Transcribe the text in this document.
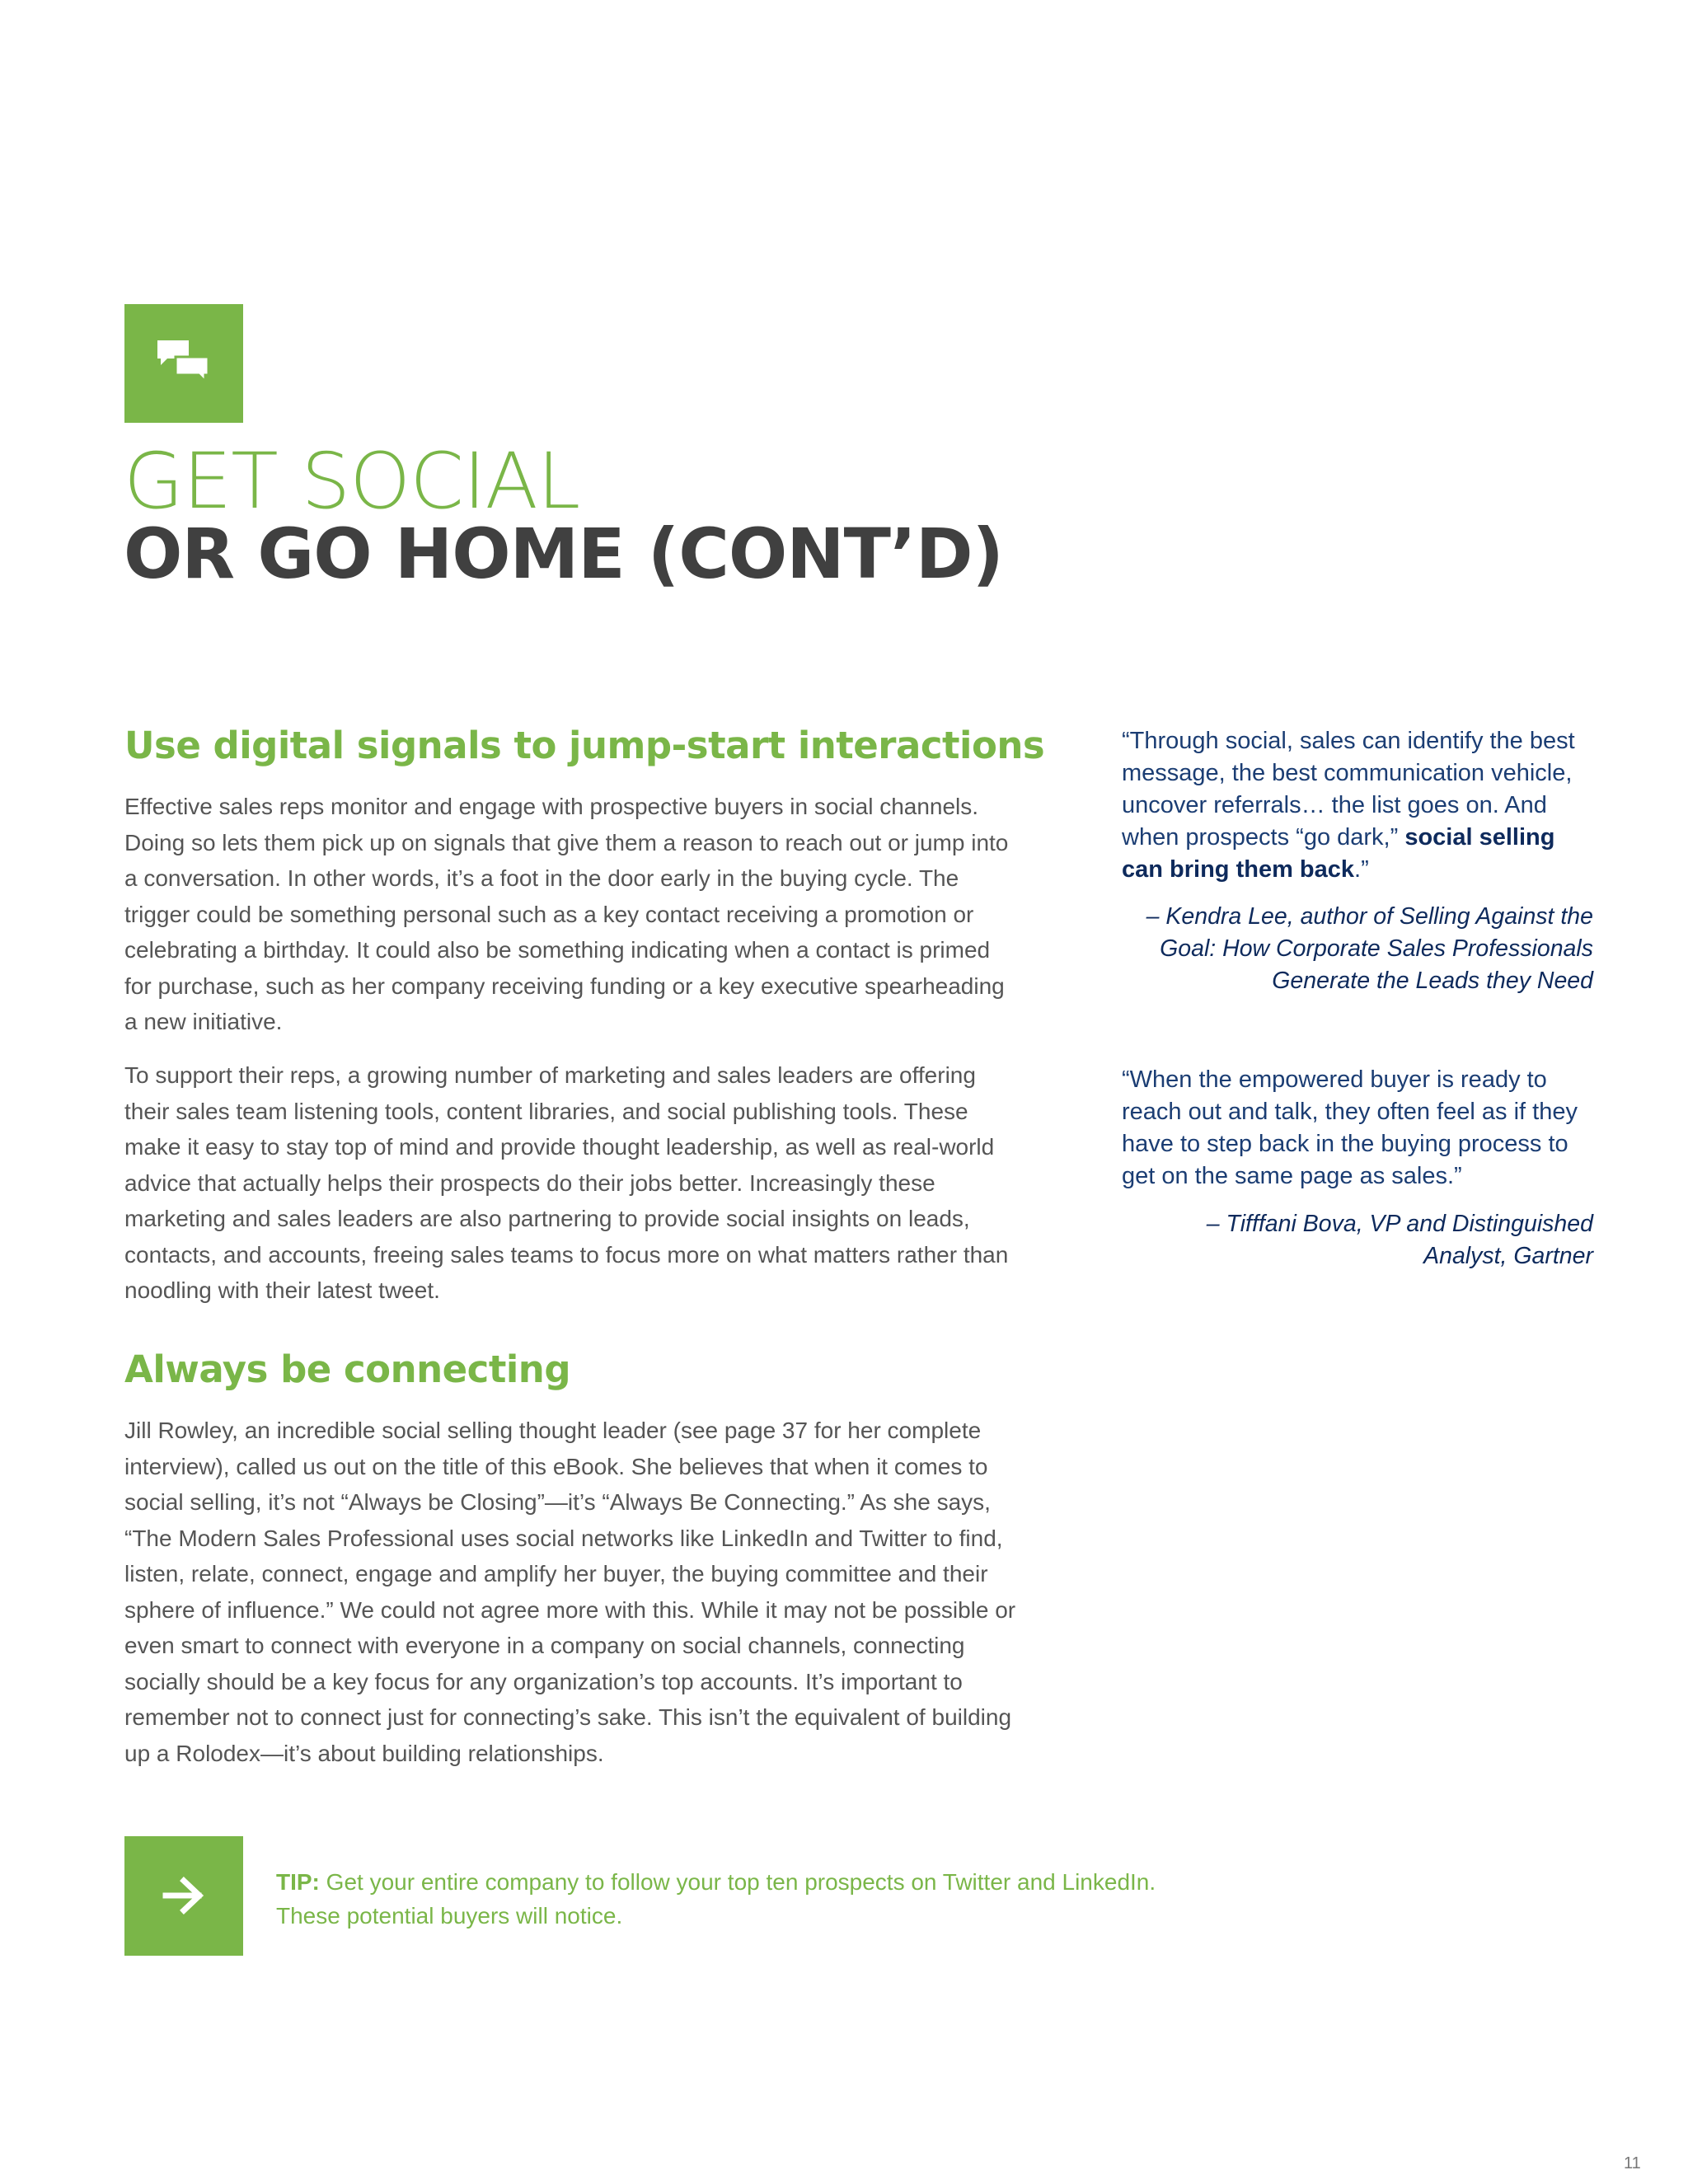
GET SOCIAL
OR GO HOME (CONT’D)
Use digital signals to jump-start interactions

Effective sales reps monitor and engage with prospective buyers in social channels. Doing so lets them pick up on signals that give them a reason to reach out or jump into a conversation. In other words, it’s a foot in the door early in the buying cycle. The trigger could be something personal such as a key contact receiving a promotion or celebrating a birthday. It could also be something indicating when a contact is primed for purchase, such as her company receiving funding or a key executive spearheading a new initiative.

To support their reps, a growing number of marketing and sales leaders are offering their sales team listening tools, content libraries, and social publishing tools. These make it easy to stay top of mind and provide thought leadership, as well as real-world advice that actually helps their prospects do their jobs better. Increasingly these marketing and sales leaders are also partnering to provide social insights on leads, contacts, and accounts, freeing sales teams to focus more on what matters rather than noodling with their latest tweet.

Always be connecting

Jill Rowley, an incredible social selling thought leader (see page 37 for her complete interview), called us out on the title of this eBook. She believes that when it comes to social selling, it’s not “Always be Closing”—it’s “Always Be Connecting.” As she says, “The Modern Sales Professional uses social networks like LinkedIn and Twitter to find, listen, relate, connect, engage and amplify her buyer, the buying committee and their sphere of influence.” We could not agree more with this. While it may not be possible or even smart to connect with everyone in a company on social channels, connecting socially should be a key focus for any organization’s top accounts. It’s important to remember not to connect just for connecting’s sake. This isn’t the equivalent of building up a Rolodex—it’s about building relationships.

“Through social, sales can identify the best message, the best communication vehicle, uncover referrals… the list goes on. And when prospects “go dark,” social selling can bring them back.”

– Kendra Lee, author of Selling Against the
Goal: How Corporate Sales Professionals
Generate the Leads they Need

“When the empowered buyer is ready to reach out and talk, they often feel as if they have to step back in the buying process to get on the same page as sales.”

– Tifffani Bova, VP and Distinguished
Analyst, Gartner

TIP: Get your entire company to follow your top ten prospects on Twitter and LinkedIn. These potential buyers will notice.

11
